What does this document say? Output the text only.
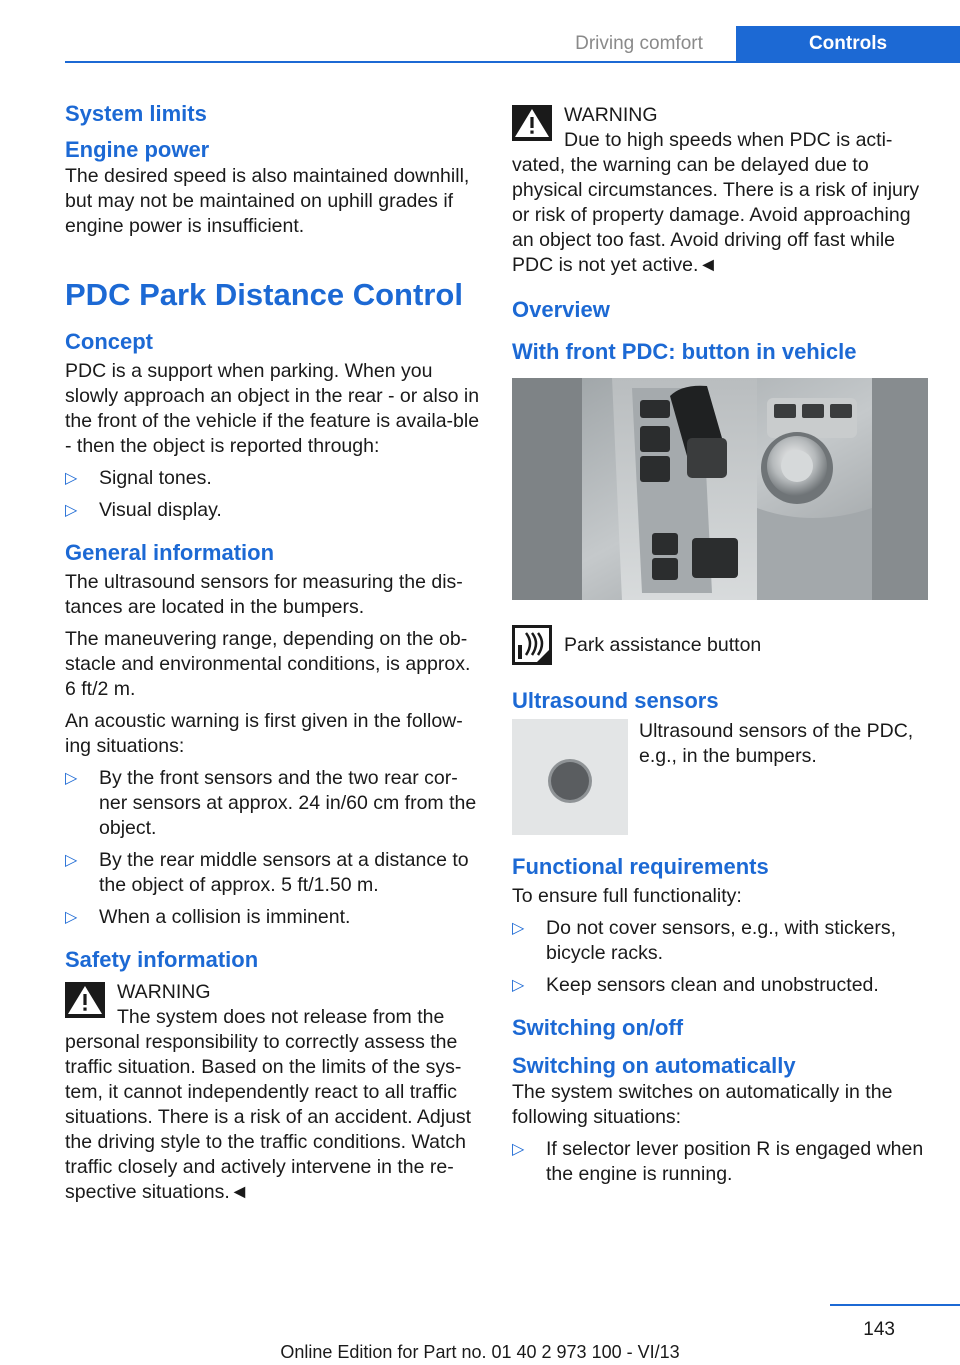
Driving comfort	Controls
System limits
Engine power

The desired speed is also maintained downhill, but may not be maintained on uphill grades if engine power is insufficient.

PDC Park Distance Control
Concept

PDC is a support when parking. When you slowly approach an object in the rear - or also in the front of the vehicle if the feature is availa-ble - then the object is reported through:

▷ Signal tones.
▷ Visual display.
General information

The ultrasound sensors for measuring the dis-tances are located in the bumpers.

The maneuvering range, depending on the ob-stacle and environmental conditions, is approx. 6 ft/2 m.

An acoustic warning is first given in the follow-ing situations:

▷ By the front sensors and the two rear cor-ner sensors at approx. 24 in/60 cm from the object.
▷ By the rear middle sensors at a distance to the object of approx. 5 ft/1.50 m.
▷ When a collision is imminent.
Safety information
WARNING
The system does not release from the personal responsibility to correctly assess the traffic situation. Based on the limits of the sys-tem, it cannot independently react to all traffic situations. There is a risk of an accident. Adjust the driving style to the traffic conditions. Watch traffic closely and actively intervene in the re-spective situations.◄
WARNING
Due to high speeds when PDC is acti-vated, the warning can be delayed due to physical circumstances. There is a risk of injury or risk of property damage. Avoid approaching an object too fast. Avoid driving off fast while PDC is not yet active.◄
Overview
With front PDC: button in vehicle
Park assistance button
Ultrasound sensors
Ultrasound sensors of the PDC, e.g., in the bumpers.
Functional requirements

To ensure full functionality:

▷ Do not cover sensors, e.g., with stickers, bicycle racks.
▷ Keep sensors clean and unobstructed.
Switching on/off
Switching on automatically

The system switches on automatically in the following situations:

▷ If selector lever position R is engaged when the engine is running.
143
Online Edition for Part no. 01 40 2 973 100 - VI/13
